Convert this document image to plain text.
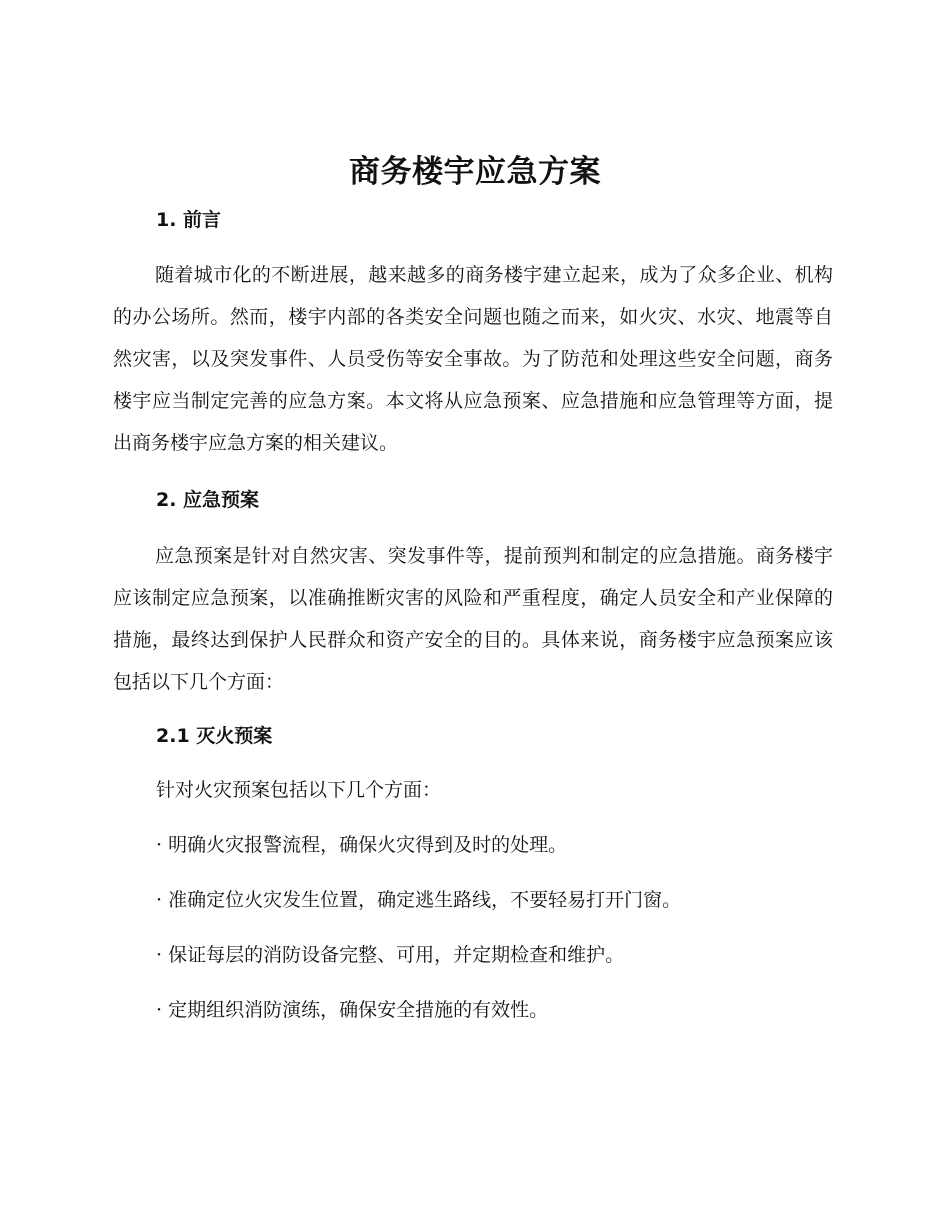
商务楼宇应急方案
1. 前言

随着城市化的不断进展，越来越多的商务楼宇建立起来，成为了众多企业、机构的办公场所。然而，楼宇内部的各类安全问题也随之而来，如火灾、水灾、地震等自然灾害，以及突发事件、人员受伤等安全事故。为了防范和处理这些安全问题，商务楼宇应当制定完善的应急方案。本文将从应急预案、应急措施和应急管理等方面，提出商务楼宇应急方案的相关建议。

2. 应急预案

应急预案是针对自然灾害、突发事件等，提前预判和制定的应急措施。商务楼宇应该制定应急预案，以准确推断灾害的风险和严重程度，确定人员安全和产业保障的措施，最终达到保护人民群众和资产安全的目的。具体来说，商务楼宇应急预案应该包括以下几个方面：

2.1 灭火预案

针对火灾预案包括以下几个方面：

· 明确火灾报警流程，确保火灾得到及时的处理。

· 准确定位火灾发生位置，确定逃生路线，不要轻易打开门窗。

· 保证每层的消防设备完整、可用，并定期检查和维护。

· 定期组织消防演练，确保安全措施的有效性。
